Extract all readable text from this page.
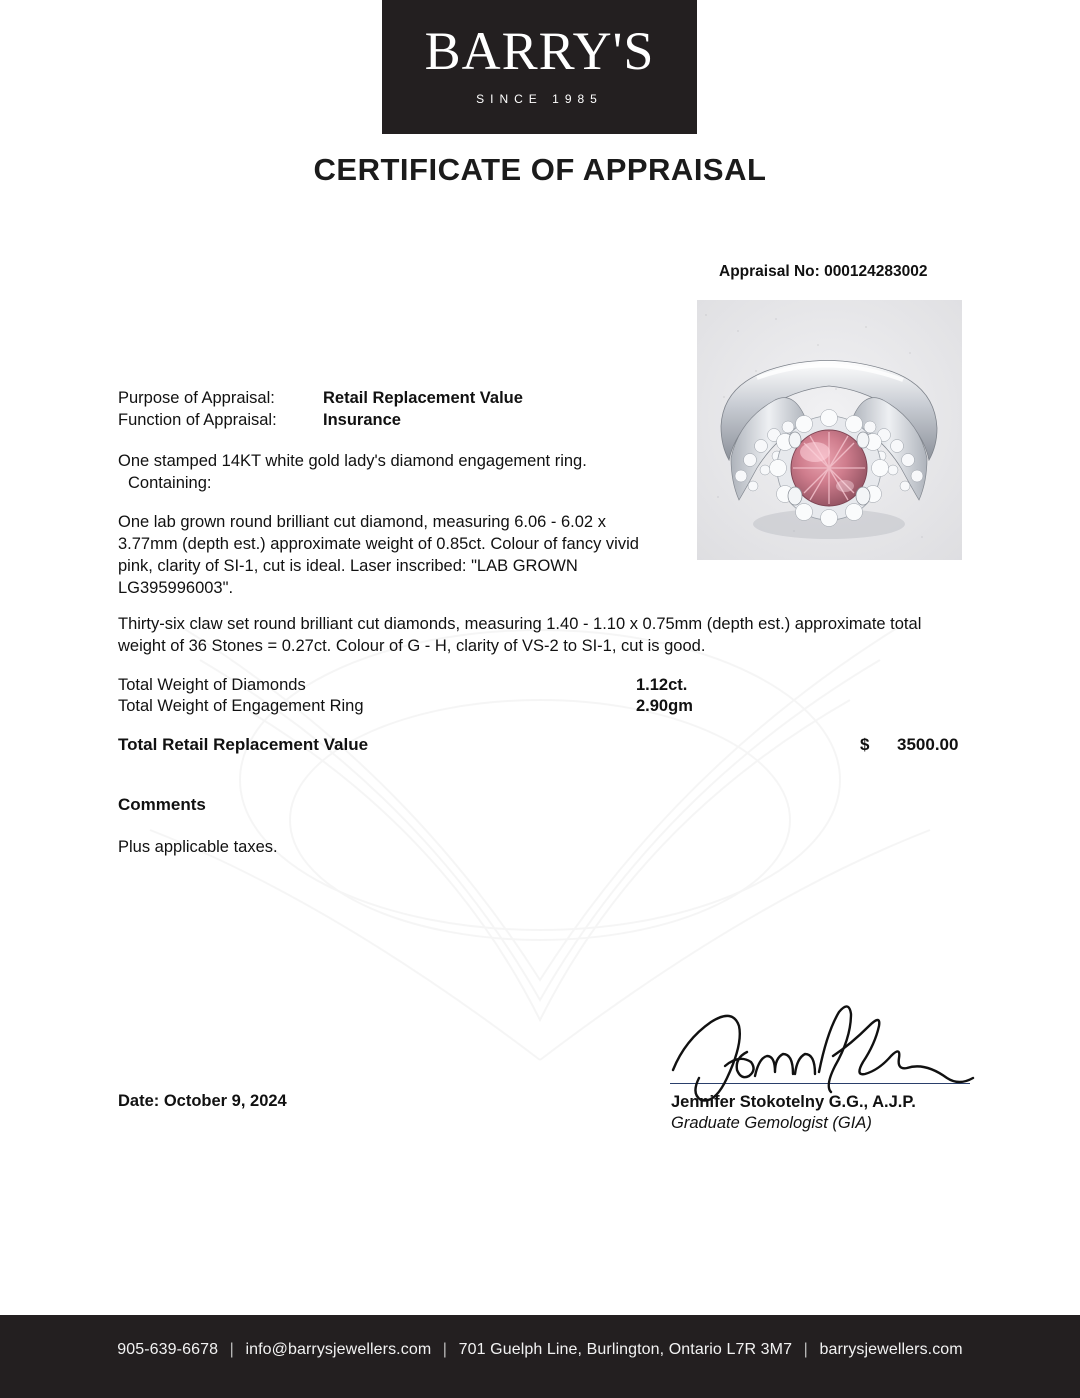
BARRY'S
SINCE 1985
CERTIFICATE OF APPRAISAL
Appraisal No: 000124283002
Purpose of Appraisal:	Retail Replacement Value
Function of Appraisal:	Insurance
One stamped 14KT white gold lady's diamond engagement ring.
Containing:
One lab grown round brilliant cut diamond, measuring 6.06 - 6.02 x 3.77mm (depth est.) approximate weight of 0.85ct. Colour of fancy vivid pink, clarity of SI-1, cut is ideal. Laser inscribed: "LAB GROWN LG395996003".
Thirty-six claw set round brilliant cut diamonds, measuring 1.40 - 1.10 x 0.75mm (depth est.) approximate total weight of 36 Stones = 0.27ct. Colour of G - H, clarity of VS-2 to SI-1, cut is good.
Total Weight of Diamonds	1.12ct.
Total Weight of Engagement Ring	2.90gm
Total Retail Replacement Value	$ 3500.00
Comments
Plus applicable taxes.
Jennifer Stokotelny G.G., A.J.P.
Graduate Gemologist (GIA)
Date: October 9, 2024
905-639-6678 | info@barrysjewellers.com | 701 Guelph Line, Burlington, Ontario L7R 3M7 | barrysjewellers.com
